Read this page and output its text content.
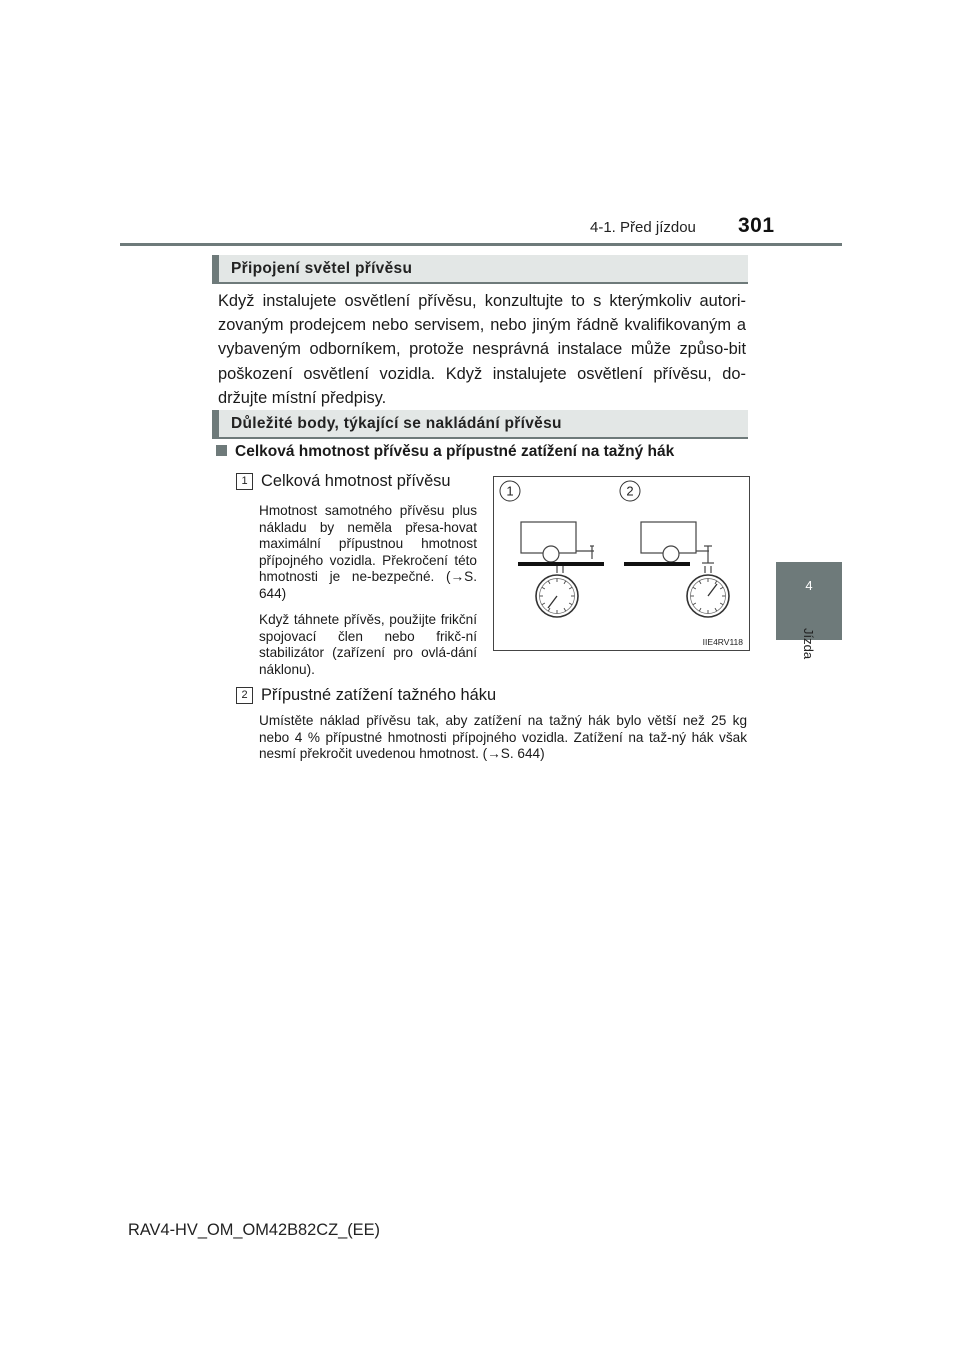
4-1. Před jízdou 301
4
Jízda
Připojení světel přívěsu
Když instalujete osvětlení přívěsu, konzultujte to s kterýmkoliv autori-zovaným prodejcem nebo servisem, nebo jiným řádně kvalifikovaným a vybaveným odborníkem, protože nesprávná instalace může způso-bit poškození osvětlení vozidla. Když instalujete osvětlení přívěsu, do-držujte místní předpisy.
Důležité body, týkající se nakládání přívěsu
Celková hmotnost přívěsu a přípustné zatížení na tažný hák
1 Celková hmotnost přívěsu
Hmotnost samotného přívěsu plus nákladu by neměla přesa-hovat maximální přípustnou hmotnost přípojného vozidla. Překročení této hmotnosti je ne-bezpečné. (→S. 644)
Když táhnete přívěs, použijte frikční spojovací člen nebo frikč-ní stabilizátor (zařízení pro ovlá-dání náklonu).
2 Přípustné zatížení tažného háku
Umístěte náklad přívěsu tak, aby zatížení na tažný hák bylo větší než 25 kg nebo 4 % přípustné hmotnosti přípojného vozidla. Zatížení na taž-ný hák však nesmí překročit uvedenou hmotnost. (→S. 644)
1	2
IIE4RV118
RAV4-HV_OM_OM42B82CZ_(EE)
